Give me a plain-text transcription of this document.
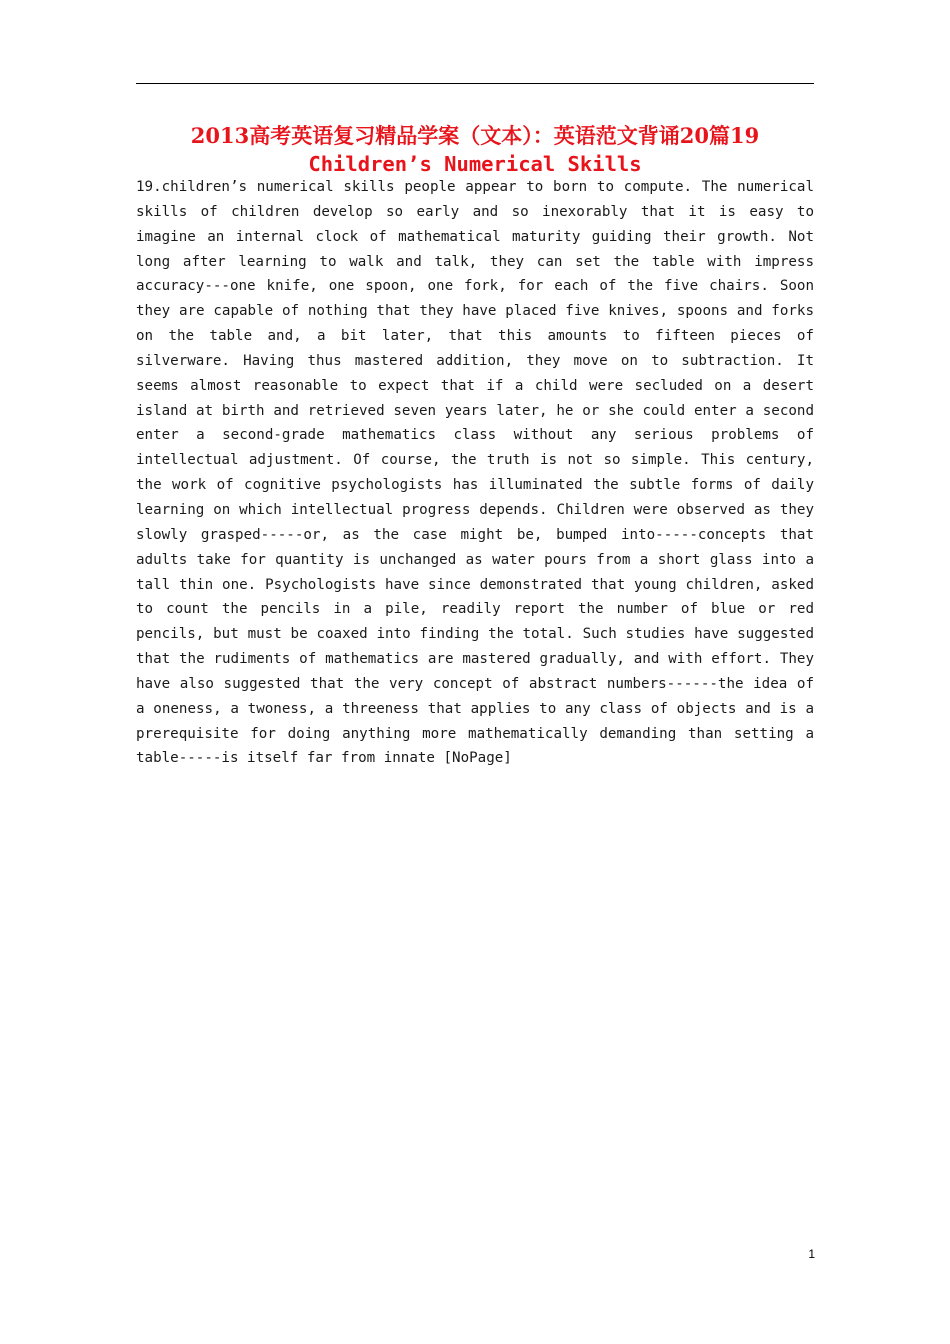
2013高考英语复习精品学案（文本）：英语范文背诵20篇19
Children’s Numerical Skills

19.children’s numerical skills people appear to born to compute. The numerical skills of children develop so early and so inexorably that it is easy to imagine an internal clock of mathematical maturity guiding their growth. Not long after learning to walk and talk, they can set the table with impress accuracy---one knife, one spoon, one fork, for each of the five chairs. Soon they are capable of nothing that they have placed five knives, spoons and forks on the table and, a bit later, that this amounts to fifteen pieces of silverware. Having thus mastered addition, they move on to subtraction. It seems almost reasonable to expect that if a child were secluded on a desert island at birth and retrieved seven years later, he or she could enter a second enter a second-grade mathematics class without any serious problems of intellectual adjustment. Of course, the truth is not so simple. This century, the work of cognitive psychologists has illuminated the subtle forms of daily learning on which intellectual progress depends. Children were observed as they slowly grasped-----or, as the case might be, bumped into-----concepts that adults take for quantity is unchanged as water pours from a short glass into a tall thin one. Psychologists have since demonstrated that young children, asked to count the pencils in a pile, readily report the number of blue or red pencils, but must be coaxed into finding the total. Such studies have suggested that the rudiments of mathematics are mastered gradually, and with effort. They have also suggested that the very concept of abstract numbers------the idea of a oneness, a twoness, a threeness that applies to any class of objects and is a prerequisite for doing anything more mathematically demanding than setting a table-----is itself far from innate [NoPage]

1
